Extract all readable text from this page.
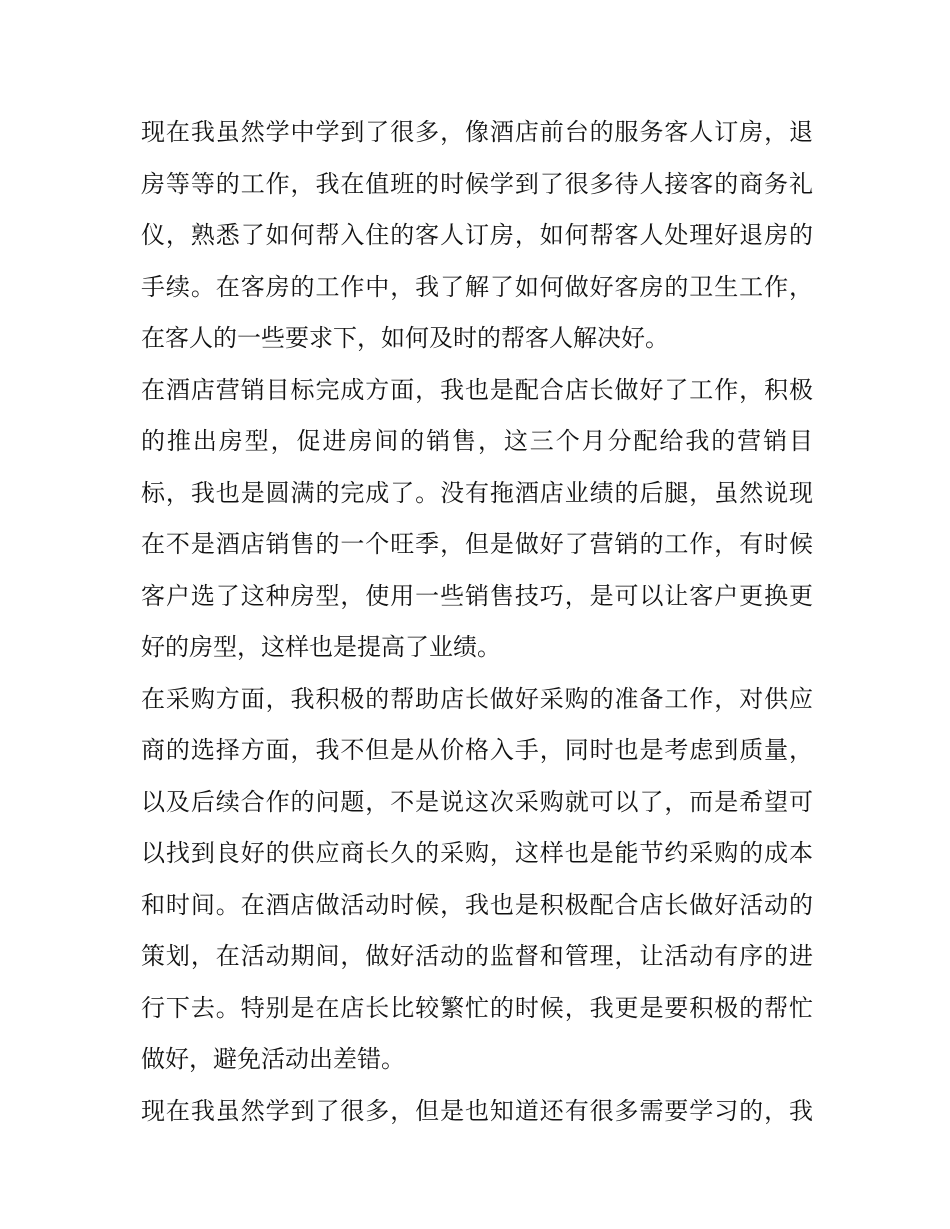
现在我虽然学中学到了很多，像酒店前台的服务客人订房，退
房等等的工作，我在值班的时候学到了很多待人接客的商务礼
仪，熟悉了如何帮入住的客人订房，如何帮客人处理好退房的
手续。在客房的工作中，我了解了如何做好客房的卫生工作，
在客人的一些要求下，如何及时的帮客人解决好。
在酒店营销目标完成方面，我也是配合店长做好了工作，积极
的推出房型，促进房间的销售，这三个月分配给我的营销目
标，我也是圆满的完成了。没有拖酒店业绩的后腿，虽然说现
在不是酒店销售的一个旺季，但是做好了营销的工作，有时候
客户选了这种房型，使用一些销售技巧，是可以让客户更换更
好的房型，这样也是提高了业绩。
在采购方面，我积极的帮助店长做好采购的准备工作，对供应
商的选择方面，我不但是从价格入手，同时也是考虑到质量，
以及后续合作的问题，不是说这次采购就可以了，而是希望可
以找到良好的供应商长久的采购，这样也是能节约采购的成本
和时间。在酒店做活动时候，我也是积极配合店长做好活动的
策划，在活动期间，做好活动的监督和管理，让活动有序的进
行下去。特别是在店长比较繁忙的时候，我更是要积极的帮忙
做好，避免活动出差错。
现在我虽然学到了很多，但是也知道还有很多需要学习的，我
